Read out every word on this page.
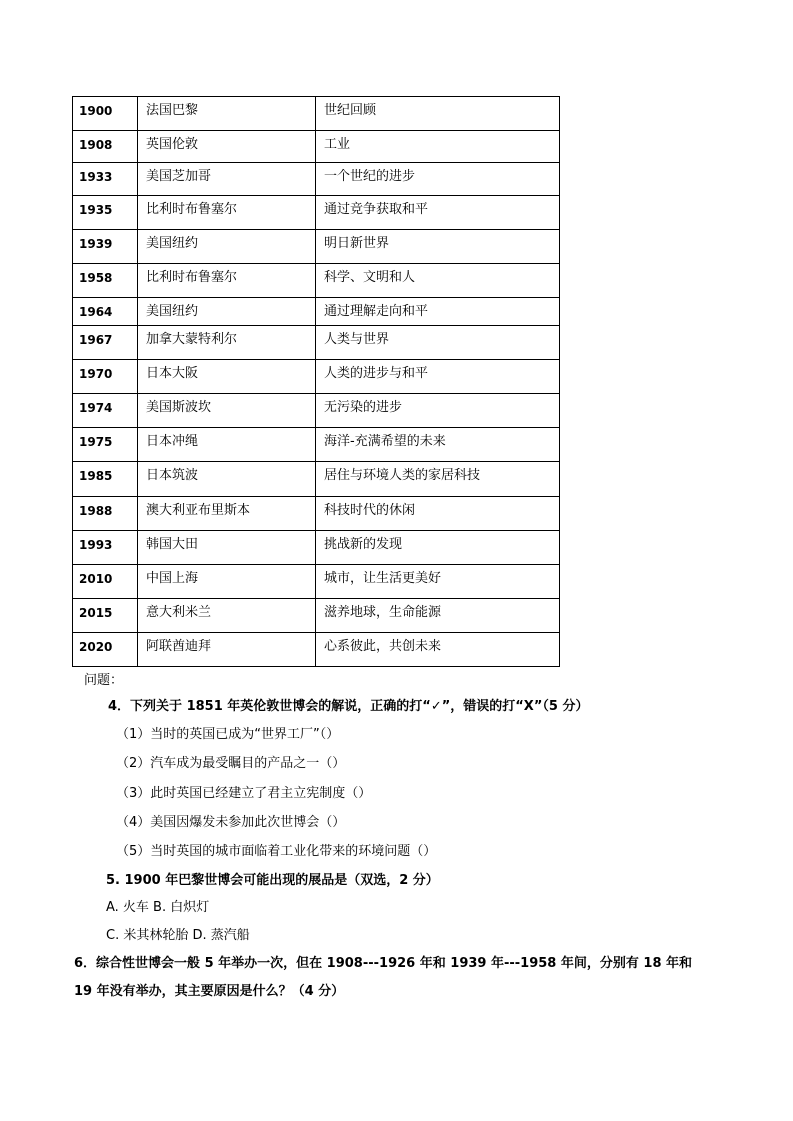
1900	法国巴黎	世纪回顾
1908	英国伦敦	工业
1933	美国芝加哥	一个世纪的进步
1935	比利时布鲁塞尔	通过竞争获取和平
1939	美国纽约	明日新世界
1958	比利时布鲁塞尔	科学、文明和人
1964	美国纽约	通过理解走向和平
1967	加拿大蒙特利尔	人类与世界
1970	日本大阪	人类的进步与和平
1974	美国斯波坎	无污染的进步
1975	日本冲绳	海洋-充满希望的未来
1985	日本筑波	居住与环境人类的家居科技
1988	澳大利亚布里斯本	科技时代的休闲
1993	韩国大田	挑战新的发现
2010	中国上海	城市，让生活更美好
2015	意大利米兰	滋养地球，生命能源
2020	阿联酋迪拜	心系彼此，共创未来
问题：
4．下列关于 1851 年英伦敦世博会的解说，正确的打“✓”，错误的打“X”（5 分）
（1）当时的英国已成为“世界工厂”（）
（2）汽车成为最受瞩目的产品之一（）
（3）此时英国已经建立了君主立宪制度（）
（4）美国因爆发未参加此次世博会（）
（5）当时英国的城市面临着工业化带来的环境问题（）
5. 1900 年巴黎世博会可能出现的展品是（双选，2 分）
A. 火车 B. 白炽灯
C. 米其林轮胎 D. 蒸汽船
6．综合性世博会一般 5 年举办一次，但在 1908---1926 年和 1939 年---1958 年间，分别有 18 年和
19 年没有举办，其主要原因是什么？（4 分）
